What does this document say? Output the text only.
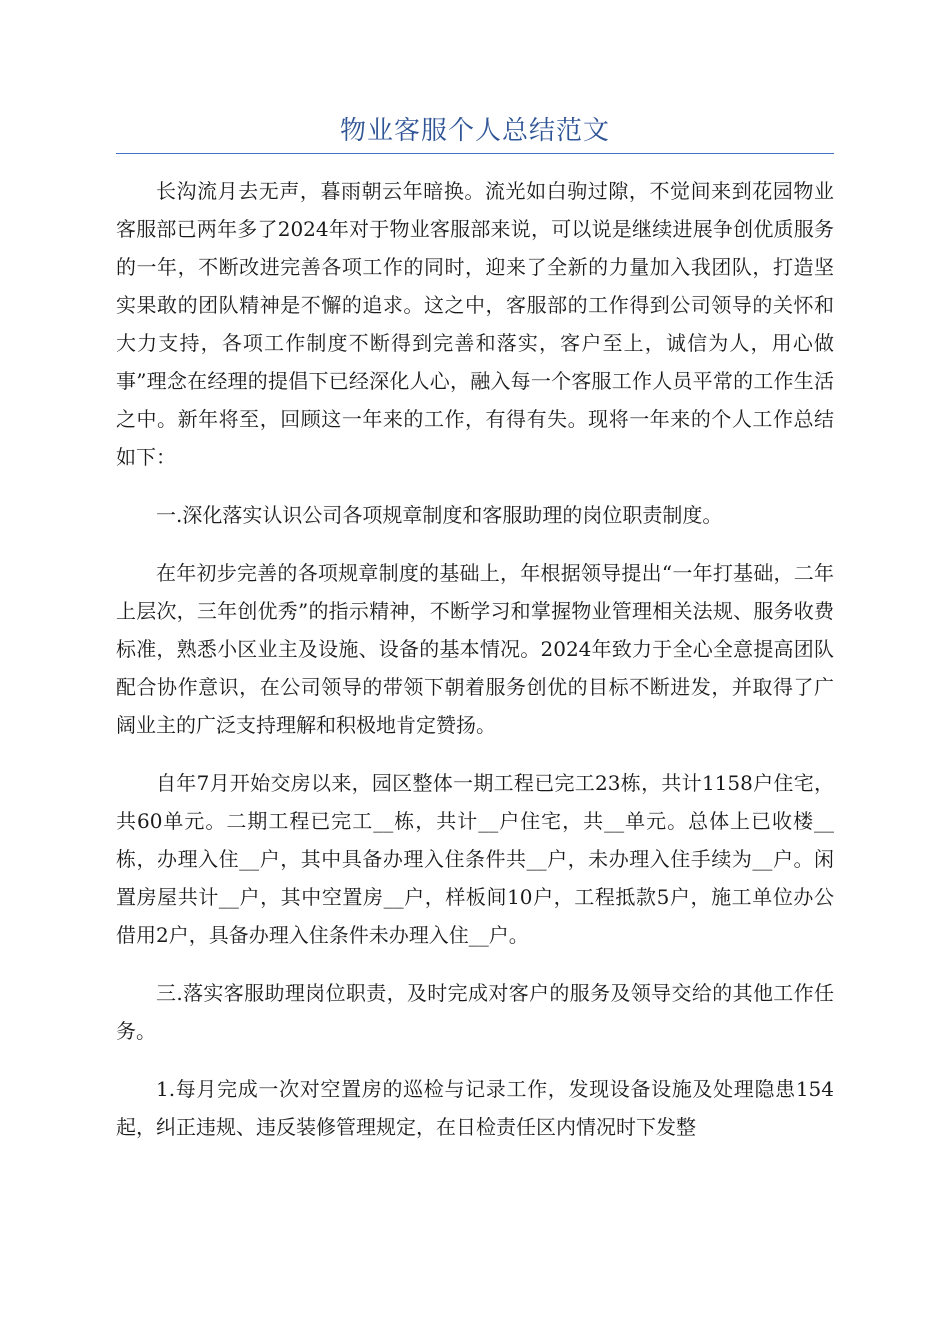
物业客服个人总结范文

长沟流月去无声，暮雨朝云年暗换。流光如白驹过隙，不觉间来到花园物业客服部已两年多了2024年对于物业客服部来说，可以说是继续进展争创优质服务的一年，不断改进完善各项工作的同时，迎来了全新的力量加入我团队，打造坚实果敢的团队精神是不懈的追求。这之中，客服部的工作得到公司领导的关怀和大力支持，各项工作制度不断得到完善和落实，客户至上，诚信为人，用心做事”理念在经理的提倡下已经深化人心，融入每一个客服工作人员平常的工作生活之中。新年将至，回顾这一年来的工作，有得有失。现将一年来的个人工作总结如下：

一.深化落实认识公司各项规章制度和客服助理的岗位职责制度。

在年初步完善的各项规章制度的基础上，年根据领导提出“一年打基础，二年上层次，三年创优秀”的指示精神，不断学习和掌握物业管理相关法规、服务收费标准，熟悉小区业主及设施、设备的基本情况。2024年致力于全心全意提高团队配合协作意识，在公司领导的带领下朝着服务创优的目标不断进发，并取得了广阔业主的广泛支持理解和积极地肯定赞扬。

自年7月开始交房以来，园区整体一期工程已完工23栋，共计1158户住宅，共60单元。二期工程已完工__栋，共计__户住宅，共__单元。总体上已收楼__栋，办理入住__户，其中具备办理入住条件共__户，未办理入住手续为__户。闲置房屋共计__户，其中空置房__户，样板间10户，工程抵款5户，施工单位办公借用2户，具备办理入住条件未办理入住__户。

三.落实客服助理岗位职责，及时完成对客户的服务及领导交给的其他工作任务。

1.每月完成一次对空置房的巡检与记录工作，发现设备设施及处理隐患154起，纠正违规、违反装修管理规定，在日检责任区内情况时下发整
